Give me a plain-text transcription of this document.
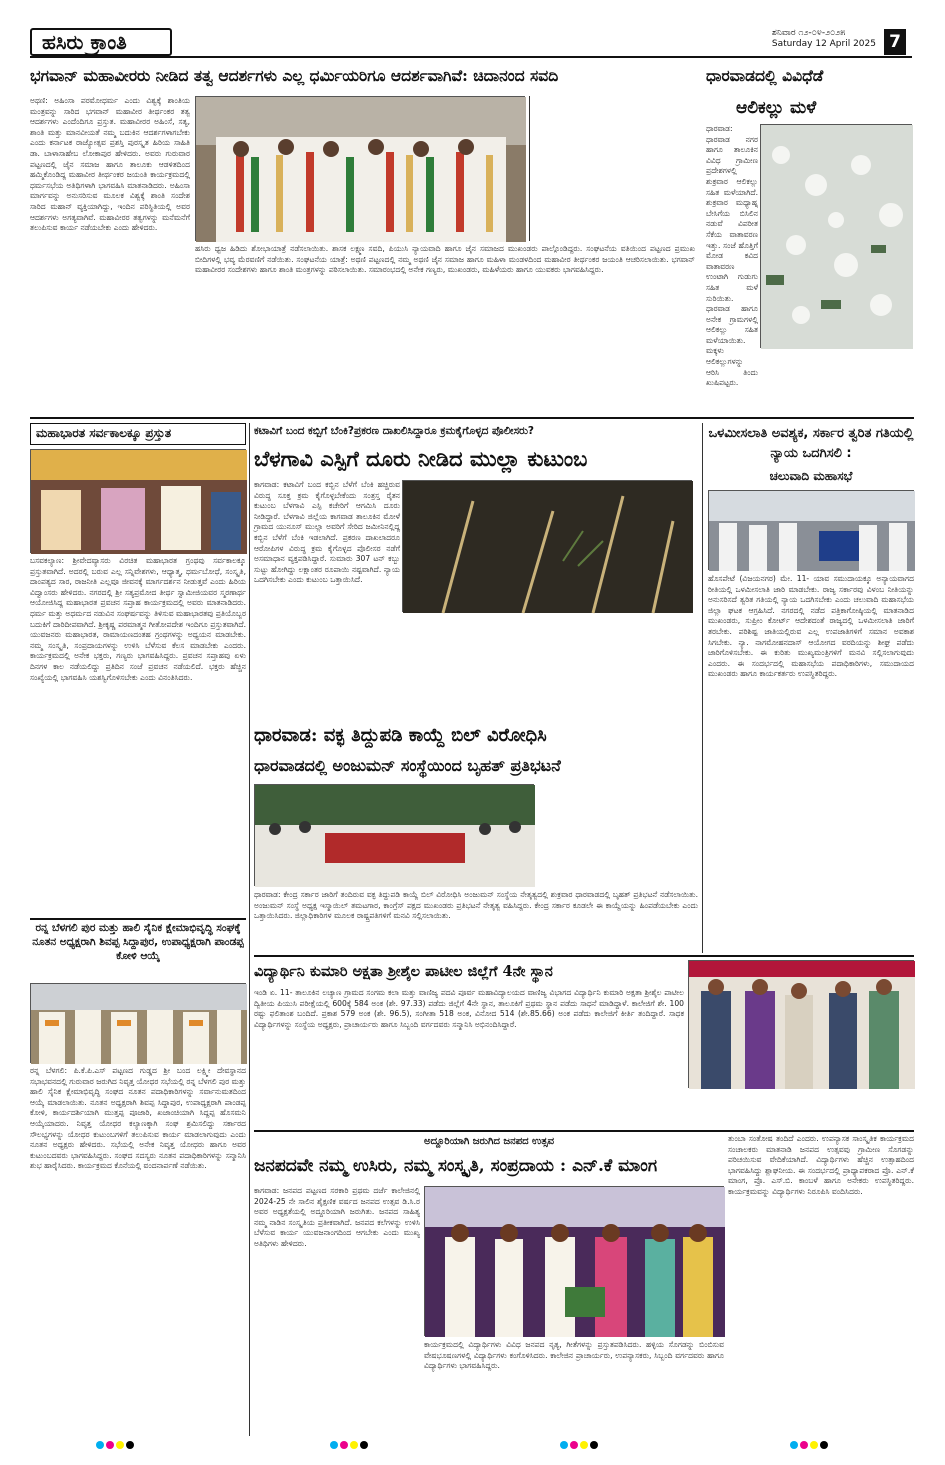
ಹಸಿರು ಕ್ರಾಂತಿ	ಶನಿವಾರ ೧೨-೦೪-೨೦೨೫
Saturday 12 April 2025 7
ಭಗವಾನ್ ಮಹಾವೀರರು ನೀಡಿದ ತತ್ವ ಆದರ್ಶಗಳು ಎಲ್ಲ ಧರ್ಮಿಯರಿಗೂ ಆದರ್ಶವಾಗಿವೆ: ಚಿದಾನಂದ ಸವದಿ
ಅಥಣಿ: ಅಹಿಂಸಾ ಪರಮೋಧರ್ಮ ಎಂದು ವಿಶ್ವಕ್ಕೆ ಶಾಂತಿಯ ಮಂತ್ರವನ್ನು ಸಾರಿದ ಭಗವಾನ್ ಮಹಾವೀರ ತೀರ್ಥಂಕರ ತತ್ವ ಆದರ್ಶಗಳು ಎಂದೆಂದಿಗೂ ಪ್ರಸ್ತುತ. ಮಹಾವೀರರ ಅಹಿಂಸೆ, ಸತ್ಯ, ಶಾಂತಿ ಮತ್ತು ಮಾನವೀಯತೆ ನಮ್ಮ ಬದುಕಿನ ಆದರ್ಶಗಳಾಗಬೇಕು ಎಂದು ಕರ್ನಾಟಕ ರಾಜ್ಯೋತ್ಸವ ಪ್ರಶಸ್ತಿ ಪುರಸ್ಕೃತ ಹಿರಿಯ ಸಾಹಿತಿ ಡಾ. ಬಾಳಾಸಾಹೇಬ ಲೋಕಾಪುರ ಹೇಳಿದರು. ಅವರು ಗುರುವಾರ ಪಟ್ಟಣದಲ್ಲಿ ಜೈನ ಸಮಾಜ ಹಾಗೂ ತಾಲೂಕು ಆಡಳಿತದಿಂದ ಹಮ್ಮಿಕೊಂಡಿದ್ದ ಮಹಾವೀರ ತೀರ್ಥಂಕರ ಜಯಂತಿ ಕಾರ್ಯಕ್ರಮದಲ್ಲಿ ಧರ್ಮಸಭೆಯ ಅತಿಥಿಗಳಾಗಿ ಭಾಗವಹಿಸಿ ಮಾತನಾಡಿದರು. ಅಹಿಂಸಾ ಮಾರ್ಗವನ್ನು ಅನುಸರಿಸುವ ಮೂಲಕ ವಿಶ್ವಕ್ಕೆ ಶಾಂತಿ ಸಂದೇಶ ಸಾರಿದ ಮಹಾನ್ ವ್ಯಕ್ತಿಯಾಗಿದ್ದು, ಇಂದಿನ ಪರಿಸ್ಥಿತಿಯಲ್ಲಿ ಅವರ ಆದರ್ಶಗಳು ಅಗತ್ಯವಾಗಿವೆ. ಮಹಾವೀರರ ತತ್ವಗಳನ್ನು ಮನೆಮನೆಗೆ ತಲುಪಿಸುವ ಕಾರ್ಯ ನಡೆಯಬೇಕು ಎಂದು ಹೇಳಿದರು.
ಹಸಿರು ಧ್ವಜ ಹಿಡಿದು ಶೋಭಾಯಾತ್ರೆ ನಡೆಸಲಾಯಿತು. ಶಾಸಕ ಲಕ್ಷ್ಮಣ ಸವದಿ, ಪಿಯುಸಿ ನ್ಯಾಯವಾದಿ ಹಾಗೂ ಜೈನ ಸಮಾಜದ ಮುಖಂಡರು ಪಾಲ್ಗೊಂಡಿದ್ದರು. ಸಂಘಟನೆಯ ವತಿಯಿಂದ ಪಟ್ಟಣದ ಪ್ರಮುಖ ಬೀದಿಗಳಲ್ಲಿ ಭವ್ಯ ಮೆರವಣಿಗೆ ನಡೆಯಿತು. ಸಂಘಟನೆಯ ಯಾತ್ರೆ: ಅಥಣಿ ಪಟ್ಟಣದಲ್ಲಿ ನಮ್ಮ ಅಥಣಿ ಜೈನ ಸಮಾಜ ಹಾಗೂ ಮಹಿಳಾ ಮಂಡಳದಿಂದ ಮಹಾವೀರ ತೀರ್ಥಂಕರ ಜಯಂತಿ ಆಚರಿಸಲಾಯಿತು. ಭಗವಾನ್ ಮಹಾವೀರರ ಸಂದೇಶಗಳು ಹಾಗೂ ಶಾಂತಿ ಮಂತ್ರಗಳನ್ನು ಪಠಿಸಲಾಯಿತು. ಸಮಾರಂಭದಲ್ಲಿ ಅನೇಕ ಗಣ್ಯರು, ಮುಖಂಡರು, ಮಹಿಳೆಯರು ಹಾಗೂ ಯುವಕರು ಭಾಗವಹಿಸಿದ್ದರು.
ಧಾರವಾಡದಲ್ಲಿ ವಿವಿಧೆಡೆ
ಆಲಿಕಲ್ಲು ಮಳೆ
ಧಾರವಾಡ: ಧಾರವಾಡ ನಗರ ಹಾಗೂ ತಾಲೂಕಿನ ವಿವಿಧ ಗ್ರಾಮೀಣ ಪ್ರದೇಶಗಳಲ್ಲಿ ಶುಕ್ರವಾರ ಆಲಿಕಲ್ಲು ಸಹಿತ ಮಳೆಯಾಗಿದೆ. ಶುಕ್ರವಾರ ಮಧ್ಯಾಹ್ನ ಬೇಸಿಗೆಯ ಬಿಸಿಲಿನ ನಡುವೆ ವಿಪರೀತ ಸೆಕೆಯ ವಾತಾವರಣ ಇತ್ತು. ಸಂಜೆ ಹೊತ್ತಿಗೆ ಮೋಡ ಕವಿದ ವಾತಾವರಣ ಉಂಟಾಗಿ ಗುಡುಗು ಸಹಿತ ಮಳೆ ಸುರಿಯಿತು. ಧಾರವಾಡ ಹಾಗೂ ಅನೇಕ ಗ್ರಾಮಗಳಲ್ಲಿ ಆಲಿಕಲ್ಲು ಸಹಿತ ಮಳೆಯಾಯಿತು. ಮಕ್ಕಳು ಆಲಿಕಲ್ಲುಗಳನ್ನು ಆರಿಸಿ ತಿಂದು ಖುಷಿಪಟ್ಟರು.
ಮಹಾಭಾರತ ಸರ್ವಕಾಲಕ್ಕೂ ಪ್ರಸ್ತುತ
ಬಸವಕಲ್ಯಾಣ: ಶ್ರೀವೇದವ್ಯಾಸರು ವಿರಚಿತ ಮಹಾಭಾರತ ಗ್ರಂಥವು ಸರ್ವಕಾಲಕ್ಕೂ ಪ್ರಸ್ತುತವಾಗಿದೆ. ಅದರಲ್ಲಿ ಬರುವ ಎಲ್ಲ ಸನ್ನಿವೇಶಗಳು, ಆಧ್ಯಾತ್ಮ, ಧರ್ಮಬೋಧೆ, ಸಂಸ್ಕೃತಿ, ದಾಂಪತ್ಯದ ಸಾರ, ರಾಜನೀತಿ ಎಲ್ಲವೂ ಜೀವನಕ್ಕೆ ಮಾರ್ಗದರ್ಶನ ನೀಡುತ್ತವೆ ಎಂದು ಹಿರಿಯ ವಿದ್ವಾಂಸರು ಹೇಳಿದರು. ನಗರದಲ್ಲಿ ಶ್ರೀ ಸತ್ಯಪ್ರಮೋದ ತೀರ್ಥ ಸ್ವಾಮೀಜಿಯವರ ಸ್ಮರಣಾರ್ಥ ಆಯೋಜಿಸಿದ್ದ ಮಹಾಭಾರತ ಪ್ರವಚನ ಸಪ್ತಾಹ ಕಾರ್ಯಕ್ರಮದಲ್ಲಿ ಅವರು ಮಾತನಾಡಿದರು. ಧರ್ಮ ಮತ್ತು ಅಧರ್ಮದ ನಡುವಿನ ಸಂಘರ್ಷವನ್ನು ತಿಳಿಸುವ ಮಹಾಭಾರತವು ಪ್ರತಿಯೊಬ್ಬರ ಬದುಕಿಗೆ ದಾರಿದೀಪವಾಗಿದೆ. ಶ್ರೀಕೃಷ್ಣ ಪರಮಾತ್ಮನ ಗೀತೋಪದೇಶ ಇಂದಿಗೂ ಪ್ರಸ್ತುತವಾಗಿದೆ. ಯುವಜನರು ಮಹಾಭಾರತ, ರಾಮಾಯಣದಂತಹ ಗ್ರಂಥಗಳನ್ನು ಅಧ್ಯಯನ ಮಾಡಬೇಕು. ನಮ್ಮ ಸಂಸ್ಕೃತಿ, ಸಂಪ್ರದಾಯಗಳನ್ನು ಉಳಿಸಿ ಬೆಳೆಸುವ ಕೆಲಸ ಮಾಡಬೇಕು ಎಂದರು. ಕಾರ್ಯಕ್ರಮದಲ್ಲಿ ಅನೇಕ ಭಕ್ತರು, ಗಣ್ಯರು ಭಾಗವಹಿಸಿದ್ದರು. ಪ್ರವಚನ ಸಪ್ತಾಹವು ಏಳು ದಿನಗಳ ಕಾಲ ನಡೆಯಲಿದ್ದು ಪ್ರತಿದಿನ ಸಂಜೆ ಪ್ರವಚನ ನಡೆಯಲಿದೆ. ಭಕ್ತರು ಹೆಚ್ಚಿನ ಸಂಖ್ಯೆಯಲ್ಲಿ ಭಾಗವಹಿಸಿ ಯಶಸ್ವಿಗೊಳಿಸಬೇಕು ಎಂದು ವಿನಂತಿಸಿದರು.
ರನ್ನ ಬೆಳಗಲಿ ಪುರ ಮತ್ತು ಹಾಲಿ ಸೈನಿಕ ಕ್ಷೇಮಾಭಿವೃದ್ಧಿ ಸಂಘಕ್ಕೆ ನೂತನ ಅಧ್ಯಕ್ಷರಾಗಿ ಶಿವಪ್ಪ ಸಿದ್ದಾಪುರ, ಉಪಾಧ್ಯಕ್ಷರಾಗಿ ಪಾಂಡಪ್ಪ ಕೋಳಿ ಆಯ್ಕೆ
ರನ್ನ ಬೆಳಗಲಿ: ಪಿ.ಕೆ.ಪಿ.ಎಸ್ ಪಟ್ಟಣದ ಗುಡ್ಡದ ಶ್ರೀ ಬಂದ ಲಕ್ಷ್ಮೀ ದೇವಸ್ಥಾನದ ಸಭಾಭವನದಲ್ಲಿ ಗುರುವಾರ ಜರುಗಿದ ನಿವೃತ್ತ ಯೋಧರ ಸಭೆಯಲ್ಲಿ ರನ್ನ ಬೆಳಗಲಿ ಪುರ ಮತ್ತು ಹಾಲಿ ಸೈನಿಕ ಕ್ಷೇಮಾಭಿವೃದ್ಧಿ ಸಂಘದ ನೂತನ ಪದಾಧಿಕಾರಿಗಳನ್ನು ಸರ್ವಾನುಮತದಿಂದ ಆಯ್ಕೆ ಮಾಡಲಾಯಿತು. ನೂತನ ಅಧ್ಯಕ್ಷರಾಗಿ ಶಿವಪ್ಪ ಸಿದ್ದಾಪುರ, ಉಪಾಧ್ಯಕ್ಷರಾಗಿ ಪಾಂಡಪ್ಪ ಕೋಳಿ, ಕಾರ್ಯದರ್ಶಿಯಾಗಿ ಮುತ್ತಪ್ಪ ಪೂಜಾರಿ, ಖಜಾಂಚಿಯಾಗಿ ಸಿದ್ದಪ್ಪ ಹೊಸಮನಿ ಆಯ್ಕೆಯಾದರು. ನಿವೃತ್ತ ಯೋಧರ ಕಲ್ಯಾಣಕ್ಕಾಗಿ ಸಂಘ ಶ್ರಮಿಸಲಿದ್ದು ಸರ್ಕಾರದ ಸೌಲಭ್ಯಗಳನ್ನು ಯೋಧರ ಕುಟುಂಬಗಳಿಗೆ ತಲುಪಿಸುವ ಕಾರ್ಯ ಮಾಡಲಾಗುವುದು ಎಂದು ನೂತನ ಅಧ್ಯಕ್ಷರು ಹೇಳಿದರು. ಸಭೆಯಲ್ಲಿ ಅನೇಕ ನಿವೃತ್ತ ಯೋಧರು ಹಾಗೂ ಅವರ ಕುಟುಂಬದವರು ಭಾಗವಹಿಸಿದ್ದರು. ಸಂಘದ ಸದಸ್ಯರು ನೂತನ ಪದಾಧಿಕಾರಿಗಳನ್ನು ಸನ್ಮಾನಿಸಿ ಶುಭ ಹಾರೈಸಿದರು. ಕಾರ್ಯಕ್ರಮದ ಕೊನೆಯಲ್ಲಿ ವಂದನಾರ್ಪಣೆ ನಡೆಯಿತು.
ಕಟಾವಿಗೆ ಬಂದ ಕಬ್ಬಿಗೆ ಬೆಂಕಿ?ಪ್ರಕರಣ ದಾಖಲಿಸಿದ್ದಾರೂ ಕ್ರಮಕೈಗೊಳ್ಳದ ಪೊಲೀಸರು?
ಬೆಳಗಾವಿ ಎಸ್ಪಿಗೆ ದೂರು ನೀಡಿದ ಮುಲ್ಲಾ ಕುಟುಂಬ
ಕಾಗವಾಡ: ಕಟಾವಿಗೆ ಬಂದ ಕಬ್ಬಿನ ಬೆಳೆಗೆ ಬೆಂಕಿ ಹಚ್ಚಿರುವ ವಿರುದ್ಧ ಸೂಕ್ತ ಕ್ರಮ ಕೈಗೊಳ್ಳಬೇಕೆಂದು ಸಂತ್ರಸ್ತ ರೈತನ ಕುಟುಂಬ ಬೆಳಗಾವಿ ಎಸ್ಪಿ ಕಚೇರಿಗೆ ಆಗಮಿಸಿ ದೂರು ನೀಡಿದ್ದಾರೆ. ಬೆಳಗಾವಿ ಜಿಲ್ಲೆಯ ಕಾಗವಾಡ ತಾಲೂಕಿನ ಮೋಳೆ ಗ್ರಾಮದ ಯುನೂಸ್ ಮುಲ್ಲಾ ಅವರಿಗೆ ಸೇರಿದ ಜಮೀನಿನಲ್ಲಿದ್ದ ಕಬ್ಬಿನ ಬೆಳೆಗೆ ಬೆಂಕಿ ಇಡಲಾಗಿದೆ. ಪ್ರಕರಣ ದಾಖಲಾದರೂ ಆರೋಪಿಗಳ ವಿರುದ್ಧ ಕ್ರಮ ಕೈಗೊಳ್ಳದ ಪೊಲೀಸರ ನಡೆಗೆ ಅಸಮಾಧಾನ ವ್ಯಕ್ತಪಡಿಸಿದ್ದಾರೆ. ಸುಮಾರು 307 ಟನ್ ಕಬ್ಬು ಸುಟ್ಟು ಹೋಗಿದ್ದು ಲಕ್ಷಾಂತರ ರೂಪಾಯಿ ನಷ್ಟವಾಗಿದೆ. ನ್ಯಾಯ ಒದಗಿಸಬೇಕು ಎಂದು ಕುಟುಂಬ ಒತ್ತಾಯಿಸಿದೆ.
ಧಾರವಾಡ: ವಕ್ಫ ತಿದ್ದುಪಡಿ ಕಾಯ್ದೆ ಬಿಲ್ ವಿರೋಧಿಸಿ
ಧಾರವಾಡದಲ್ಲಿ ಅಂಜುಮನ್ ಸಂಸ್ಥೆಯಿಂದ ಬೃಹತ್ ಪ್ರತಿಭಟನೆ
ಧಾರವಾಡ: ಕೇಂದ್ರ ಸರ್ಕಾರ ಜಾರಿಗೆ ತಂದಿರುವ ವಕ್ಫ ತಿದ್ದುಪಡಿ ಕಾಯ್ದೆ ಬಿಲ್ ವಿರೋಧಿಸಿ ಅಂಜುಮನ್ ಸಂಸ್ಥೆಯ ನೇತೃತ್ವದಲ್ಲಿ ಶುಕ್ರವಾರ ಧಾರವಾಡದಲ್ಲಿ ಬೃಹತ್ ಪ್ರತಿಭಟನೆ ನಡೆಸಲಾಯಿತು. ಅಂಜುಮನ್ ಸಂಸ್ಥೆ ಅಧ್ಯಕ್ಷ ಇಸ್ಮಾಯಿಲ್ ತಮಟಗಾರ, ಕಾಂಗ್ರೆಸ್ ಪಕ್ಷದ ಮುಖಂಡರು ಪ್ರತಿಭಟನೆ ನೇತೃತ್ವ ವಹಿಸಿದ್ದರು. ಕೇಂದ್ರ ಸರ್ಕಾರ ಕೂಡಲೇ ಈ ಕಾಯ್ದೆಯನ್ನು ಹಿಂಪಡೆಯಬೇಕು ಎಂದು ಒತ್ತಾಯಿಸಿದರು. ಜಿಲ್ಲಾಧಿಕಾರಿಗಳ ಮೂಲಕ ರಾಷ್ಟ್ರಪತಿಗಳಿಗೆ ಮನವಿ ಸಲ್ಲಿಸಲಾಯಿತು.
ಒಳಮೀಸಲಾತಿ ಅವಶ್ಯಕ, ಸರ್ಕಾರ ತ್ವರಿತ ಗತಿಯಲ್ಲಿ ನ್ಯಾಯ ಒದಗಿಸಲಿ :
ಚಲುವಾದಿ ಮಹಾಸಭೆ
ಹೊಸಪೇಟೆ (ವಿಜಯನಗರ) ಮೇ. 11- ಯಾವ ಸಮುದಾಯಕ್ಕೂ ಅನ್ಯಾಯವಾಗದ ರೀತಿಯಲ್ಲಿ ಒಳಮೀಸಲಾತಿ ಜಾರಿ ಮಾಡಬೇಕು. ರಾಜ್ಯ ಸರ್ಕಾರವು ವಿಳಂಬ ನೀತಿಯನ್ನು ಅನುಸರಿಸದೆ ತ್ವರಿತ ಗತಿಯಲ್ಲಿ ನ್ಯಾಯ ಒದಗಿಸಬೇಕು ಎಂದು ಚಲುವಾದಿ ಮಹಾಸಭೆಯ ಜಿಲ್ಲಾ ಘಟಕ ಆಗ್ರಹಿಸಿದೆ. ನಗರದಲ್ಲಿ ನಡೆದ ಪತ್ರಿಕಾಗೋಷ್ಠಿಯಲ್ಲಿ ಮಾತನಾಡಿದ ಮುಖಂಡರು, ಸುಪ್ರೀಂ ಕೋರ್ಟ್ ಆದೇಶದಂತೆ ರಾಜ್ಯದಲ್ಲಿ ಒಳಮೀಸಲಾತಿ ಜಾರಿಗೆ ತರಬೇಕು. ಪರಿಶಿಷ್ಟ ಜಾತಿಯಲ್ಲಿರುವ ಎಲ್ಲ ಉಪಜಾತಿಗಳಿಗೆ ಸಮಾನ ಅವಕಾಶ ಸಿಗಬೇಕು. ನ್ಯಾ. ನಾಗಮೋಹನದಾಸ್ ಆಯೋಗದ ವರದಿಯನ್ನು ಶೀಘ್ರ ಪಡೆದು ಜಾರಿಗೊಳಿಸಬೇಕು. ಈ ಕುರಿತು ಮುಖ್ಯಮಂತ್ರಿಗಳಿಗೆ ಮನವಿ ಸಲ್ಲಿಸಲಾಗುವುದು ಎಂದರು. ಈ ಸಂದರ್ಭದಲ್ಲಿ ಮಹಾಸಭೆಯ ಪದಾಧಿಕಾರಿಗಳು, ಸಮುದಾಯದ ಮುಖಂಡರು ಹಾಗೂ ಕಾರ್ಯಕರ್ತರು ಉಪಸ್ಥಿತರಿದ್ದರು.
ವಿದ್ಯಾರ್ಥಿನಿ ಕುಮಾರಿ ಅಕ್ಷತಾ ಶ್ರೀಶೈಲ ಪಾಟೀಲ ಜಿಲ್ಲೆಗೆ 4ನೇ ಸ್ಥಾನ
ಇಂಡಿ ಏ. 11- ತಾಲೂಕಿನ ಲಚ್ಯಾಣ ಗ್ರಾಮದ ಸಂಗಮ ಕಲಾ ಮತ್ತು ವಾಣಿಜ್ಯ ಪದವಿ ಪೂರ್ವ ಮಹಾವಿದ್ಯಾಲಯದ ವಾಣಿಜ್ಯ ವಿಭಾಗದ ವಿದ್ಯಾರ್ಥಿನಿ ಕುಮಾರಿ ಅಕ್ಷತಾ ಶ್ರೀಶೈಲ ಪಾಟೀಲ ದ್ವಿತೀಯ ಪಿಯುಸಿ ಪರೀಕ್ಷೆಯಲ್ಲಿ 600ಕ್ಕೆ 584 ಅಂಕ (ಶೇ. 97.33) ಪಡೆದು ಜಿಲ್ಲೆಗೆ 4ನೇ ಸ್ಥಾನ, ತಾಲೂಕಿಗೆ ಪ್ರಥಮ ಸ್ಥಾನ ಪಡೆದು ಸಾಧನೆ ಮಾಡಿದ್ದಾಳೆ. ಕಾಲೇಜಿಗೆ ಶೇ. 100 ರಷ್ಟು ಫಲಿತಾಂಶ ಬಂದಿದೆ. ಪ್ರಕಾಶ 579 ಅಂಕ (ಶೇ. 96.5), ಸಂಗೀತಾ 518 ಅಂಕ, ವಿನೋದ 514 (ಶೇ.85.66) ಅಂಕ ಪಡೆದು ಕಾಲೇಜಿಗೆ ಕೀರ್ತಿ ತಂದಿದ್ದಾರೆ. ಸಾಧಕ ವಿದ್ಯಾರ್ಥಿಗಳನ್ನು ಸಂಸ್ಥೆಯ ಅಧ್ಯಕ್ಷರು, ಪ್ರಾಚಾರ್ಯರು ಹಾಗೂ ಸಿಬ್ಬಂದಿ ವರ್ಗದವರು ಸನ್ಮಾನಿಸಿ ಅಭಿನಂದಿಸಿದ್ದಾರೆ.
ಅದ್ದೂರಿಯಾಗಿ ಜರುಗಿದ ಜನಪದ ಉತ್ಸವ
ಜನಪದವೇ ನಮ್ಮ ಉಸಿರು, ನಮ್ಮ ಸಂಸ್ಕೃತಿ, ಸಂಪ್ರದಾಯ : ಎನ್.ಕೆ ಮಾಂಗ
ಕಾಗವಾಡ: ಜನಪದ ಪಟ್ಟಣದ ಸರಕಾರಿ ಪ್ರಥಮ ದರ್ಜೆ ಕಾಲೇಜಿನಲ್ಲಿ 2024-25 ನೇ ಸಾಲಿನ ಶೈಕ್ಷಣಿಕ ವರ್ಷದ ಜನಪದ ಉತ್ಸವ ಡಿ.ಸಿ.ರ ಅವರ ಅಧ್ಯಕ್ಷತೆಯಲ್ಲಿ ಅದ್ದೂರಿಯಾಗಿ ಜರುಗಿತು. ಜನಪದ ಸಾಹಿತ್ಯ ನಮ್ಮ ನಾಡಿನ ಸಂಸ್ಕೃತಿಯ ಪ್ರತೀಕವಾಗಿದೆ. ಜನಪದ ಕಲೆಗಳನ್ನು ಉಳಿಸಿ ಬೆಳೆಸುವ ಕಾರ್ಯ ಯುವಜನಾಂಗದಿಂದ ಆಗಬೇಕು ಎಂದು ಮುಖ್ಯ ಅತಿಥಿಗಳು ಹೇಳಿದರು.
ಕಾರ್ಯಕ್ರಮದಲ್ಲಿ ವಿದ್ಯಾರ್ಥಿಗಳು ವಿವಿಧ ಜನಪದ ನೃತ್ಯ, ಗೀತೆಗಳನ್ನು ಪ್ರಸ್ತುತಪಡಿಸಿದರು. ಹಳ್ಳಿಯ ಸೊಗಡನ್ನು ಬಿಂಬಿಸುವ ವೇಷಭೂಷಣಗಳಲ್ಲಿ ವಿದ್ಯಾರ್ಥಿಗಳು ಕಂಗೊಳಿಸಿದರು. ಕಾಲೇಜಿನ ಪ್ರಾಚಾರ್ಯರು, ಉಪನ್ಯಾಸಕರು, ಸಿಬ್ಬಂದಿ ವರ್ಗದವರು ಹಾಗೂ ವಿದ್ಯಾರ್ಥಿಗಳು ಭಾಗವಹಿಸಿದ್ದರು.
ತುಂಬಾ ಸಂತೋಷ ತಂದಿದೆ ಎಂದರು. ಉಪನ್ಯಾಸಕ ಸಾಂಸ್ಕೃತಿಕ ಕಾರ್ಯಕ್ರಮದ ಸಂಚಾಲಕರು ಮಾತನಾಡಿ ಜನಪದ ಉತ್ಸವವು ಗ್ರಾಮೀಣ ಸೊಗಡನ್ನು ಪರಿಚಯಿಸುವ ವೇದಿಕೆಯಾಗಿದೆ. ವಿದ್ಯಾರ್ಥಿಗಳು ಹೆಚ್ಚಿನ ಉತ್ಸಾಹದಿಂದ ಭಾಗವಹಿಸಿದ್ದು ಶ್ಲಾಘನೀಯ. ಈ ಸಂದರ್ಭದಲ್ಲಿ ಪ್ರಾಧ್ಯಾಪಕರಾದ ಪ್ರೊ. ಎನ್.ಕೆ ಮಾಂಗ, ಪ್ರೊ. ಎಸ್.ಬಿ. ಕಾಂಬಳೆ ಹಾಗೂ ಅನೇಕರು ಉಪಸ್ಥಿತರಿದ್ದರು. ಕಾರ್ಯಕ್ರಮವನ್ನು ವಿದ್ಯಾರ್ಥಿಗಳು ನಿರೂಪಿಸಿ ವಂದಿಸಿದರು.
